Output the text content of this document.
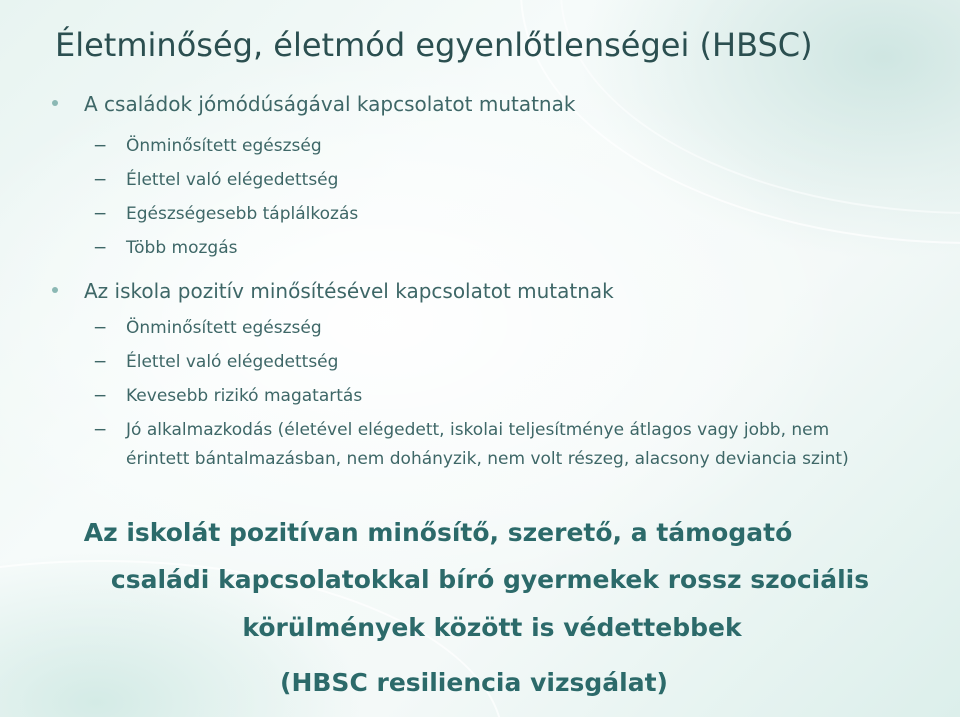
Életminőség, életmód egyenlőtlenségei (HBSC)
A családok jómódúságával kapcsolatot mutatnak
− Önminősített egészség
− Élettel való elégedettség
− Egészségesebb táplálkozás
− Több mozgás
Az iskola pozitív minősítésével kapcsolatot mutatnak
− Önminősített egészség
− Élettel való elégedettség
− Kevesebb rizikó magatartás
− Jó alkalmazkodás (életével elégedett, iskolai teljesítménye átlagos vagy jobb, nem érintett bántalmazásban, nem dohányzik, nem volt részeg, alacsony deviancia szint)
Az iskolát pozitívan minősítő, szerető, a támogató
családi kapcsolatokkal bíró gyermekek rossz szociális
körülmények között is védettebbek
(HBSC resiliencia vizsgálat)
